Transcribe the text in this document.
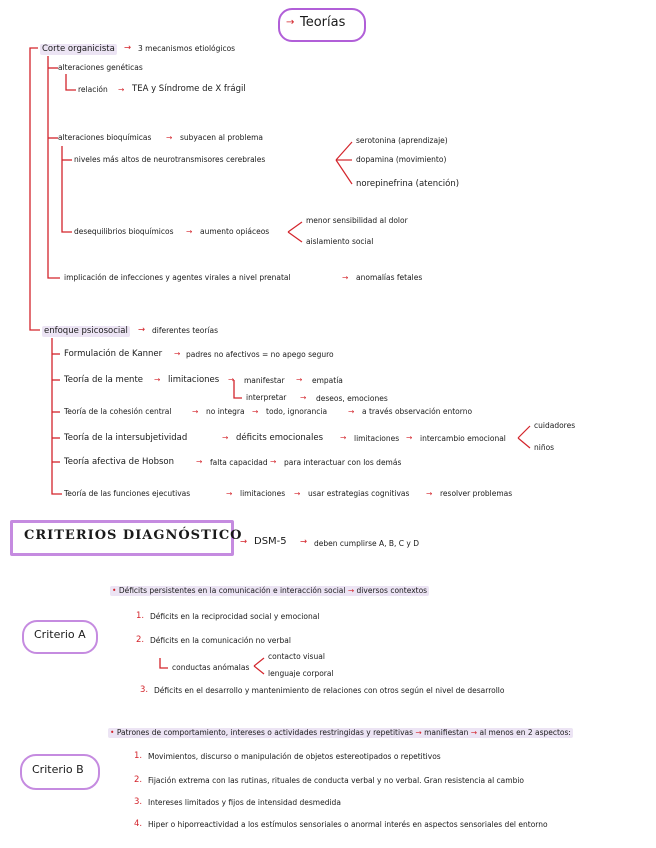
→ Teorías
Corte organicista → 3 mecanismos etiológicos
alteraciones genéticas
relación → TEA y Síndrome de X frágil
alteraciones bioquímicas → subyacen al problema
niveles más altos de neurotransmisores cerebrales
serotonina (aprendizaje)
dopamina (movimiento)
norepinefrina (atención)
desequilibrios bioquímicos → aumento opiáceos
menor sensibilidad al dolor
aislamiento social
implicación de infecciones y agentes virales a nivel prenatal	→ anomalías fetales
enfoque psicosocial → diferentes teorías
Formulación de Kanner → padres no afectivos = no apego seguro
Teoría de la mente → limitaciones → manifestar → empatía
interpretar → deseos, emociones
Teoría de la cohesión central	→ no integra → todo, ignorancia	→ a través observación entorno
Teoría de la intersubjetividad	→ déficits emocionales → limitaciones → intercambio emocional
cuidadores
niños
Teoría afectiva de Hobson	→ falta capacidad → para interactuar con los demás
Teoría de las funciones ejecutivas	→ limitaciones → usar estrategias cognitivas → resolver problemas
CRITERIOS DIAGNÓSTICO
→ DSM-5 → deben cumplirse A, B, C y D
Criterio A
• Déficits persistentes en la comunicación e interacción social → diversos contextos
1. Déficits en la reciprocidad social y emocional
2. Déficits en la comunicación no verbal
conductas anómalas
contacto visual
lenguaje corporal
3. Déficits en el desarrollo y mantenimiento de relaciones con otros según el nivel de desarrollo
Criterio B
• Patrones de comportamiento, intereses o actividades restringidas y repetitivas → manifiestan → al menos en 2 aspectos:
1. Movimientos, discurso o manipulación de objetos estereotipados o repetitivos
2. Fijación extrema con las rutinas, rituales de conducta verbal y no verbal. Gran resistencia al cambio
3. Intereses limitados y fijos de intensidad desmedida
4. Hiper o hiporreactividad a los estímulos sensoriales o anormal interés en aspectos sensoriales del entorno
